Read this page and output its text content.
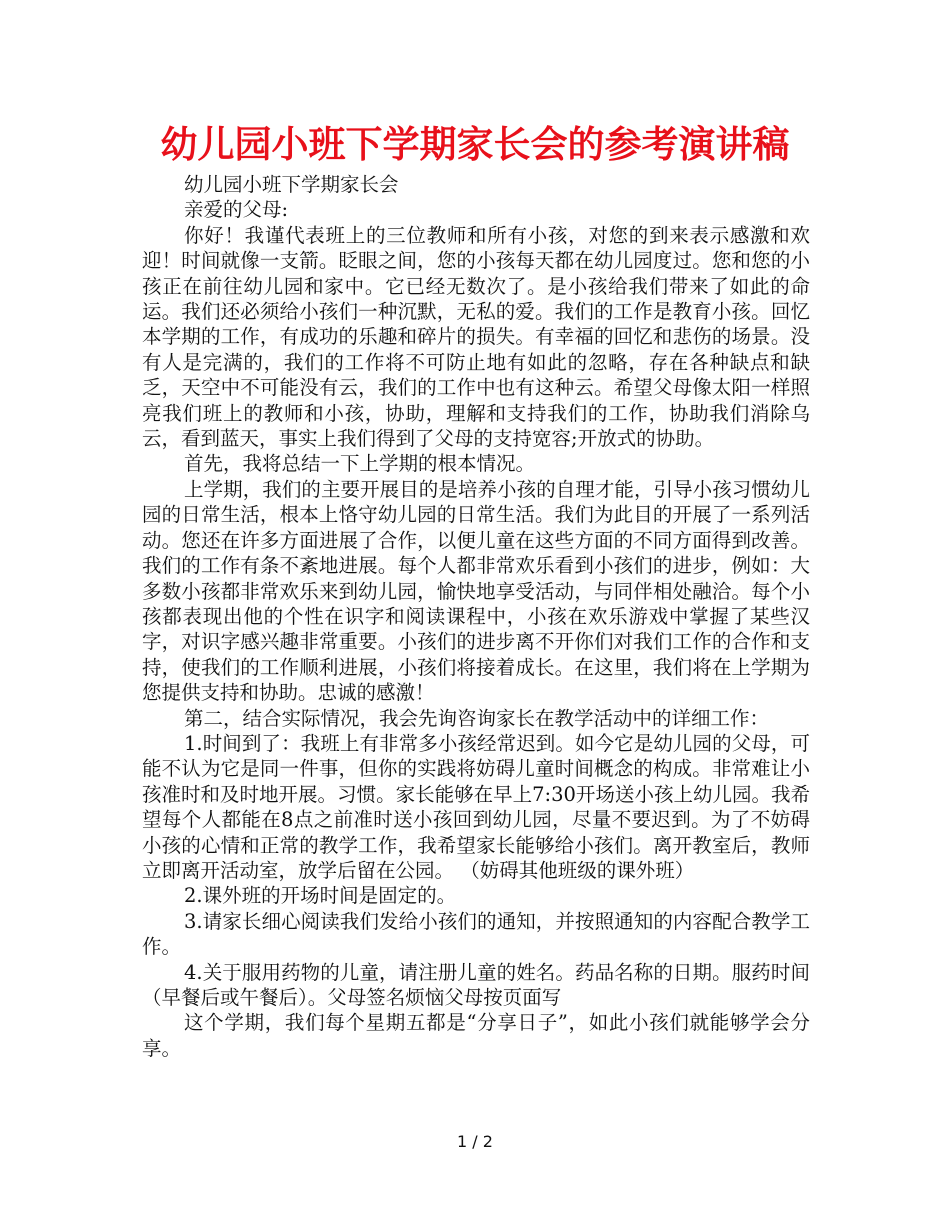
幼儿园小班下学期家长会的参考演讲稿

幼儿园小班下学期家长会

亲爱的父母:

你好！我谨代表班上的三位教师和所有小孩，对您的到来表示感激和欢迎！时间就像一支箭。眨眼之间，您的小孩每天都在幼儿园度过。您和您的小孩正在前往幼儿园和家中。它已经无数次了。是小孩给我们带来了如此的命运。我们还必须给小孩们一种沉默，无私的爱。我们的工作是教育小孩。回忆本学期的工作，有成功的乐趣和碎片的损失。有幸福的回忆和悲伤的场景。没有人是完满的，我们的工作将不可防止地有如此的忽略，存在各种缺点和缺乏，天空中不可能没有云，我们的工作中也有这种云。希望父母像太阳一样照亮我们班上的教师和小孩，协助，理解和支持我们的工作，协助我们消除乌云，看到蓝天，事实上我们得到了父母的支持宽容;开放式的协助。

首先，我将总结一下上学期的根本情况。

上学期，我们的主要开展目的是培养小孩的自理才能，引导小孩习惯幼儿园的日常生活，根本上恪守幼儿园的日常生活。我们为此目的开展了一系列活动。您还在许多方面进展了合作，以便儿童在这些方面的不同方面得到改善。我们的工作有条不紊地进展。每个人都非常欢乐看到小孩们的进步，例如：大多数小孩都非常欢乐来到幼儿园，愉快地享受活动，与同伴相处融洽。每个小孩都表现出他的个性在识字和阅读课程中，小孩在欢乐游戏中掌握了某些汉字，对识字感兴趣非常重要。小孩们的进步离不开你们对我们工作的合作和支持，使我们的工作顺利进展，小孩们将接着成长。在这里，我们将在上学期为您提供支持和协助。忠诚的感激！

第二，结合实际情况，我会先询咨询家长在教学活动中的详细工作：

1.时间到了：我班上有非常多小孩经常迟到。如今它是幼儿园的父母，可能不认为它是同一件事，但你的实践将妨碍儿童时间概念的构成。非常难让小孩准时和及时地开展。习惯。家长能够在早上7:30开场送小孩上幼儿园。我希望每个人都能在8点之前准时送小孩回到幼儿园，尽量不要迟到。为了不妨碍小孩的心情和正常的教学工作，我希望家长能够给小孩们。离开教室后，教师立即离开活动室，放学后留在公园。 （妨碍其他班级的课外班）

2.课外班的开场时间是固定的。

3.请家长细心阅读我们发给小孩们的通知，并按照通知的内容配合教学工作。

4.关于服用药物的儿童，请注册儿童的姓名。药品名称的日期。服药时间（早餐后或午餐后）。父母签名烦恼父母按页面写

这个学期，我们每个星期五都是“分享日子”，如此小孩们就能够学会分享。

1 / 2
